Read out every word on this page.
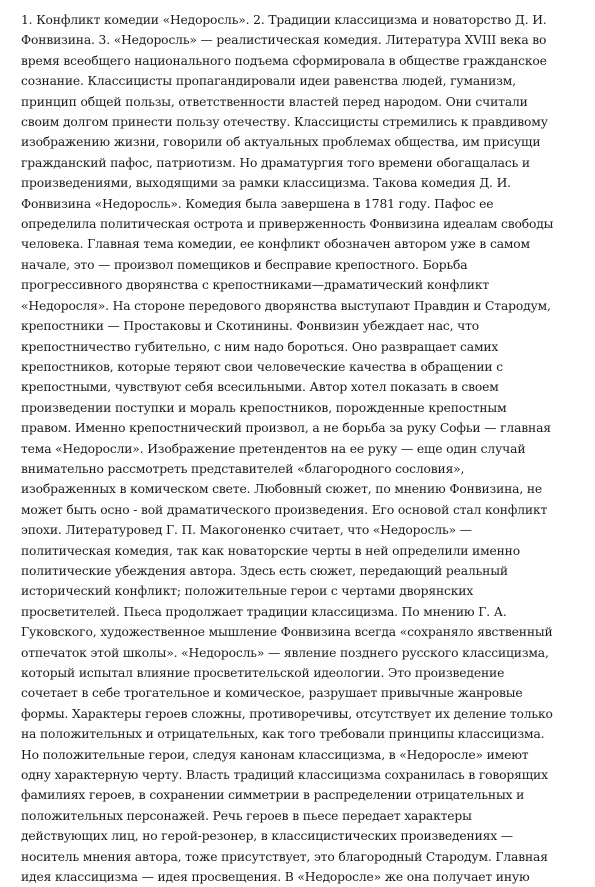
1. Конфликт комедии «Недоросль». 2. Традиции классицизма и новаторство Д. И.
Фонвизина. 3. «Недоросль» — реалистическая комедия. Литература XVIII века во
время всеобщего национального подъема сформировала в обществе гражданское
сознание. Классицисты пропагандировали идеи равенства людей, гуманизм,
принцип общей пользы, ответственности властей перед народом. Они считали
своим долгом принести пользу отечеству. Классицисты стремились к правдивому
изображению жизни, говорили об актуальных проблемах общества, им присущи
гражданский пафос, патриотизм. Но драматургия того времени обогащалась и
произведениями, выходящими за рамки классицизма. Такова комедия Д. И.
Фонвизина «Недоросль». Комедия была завершена в 1781 году. Пафос ее
определила политическая острота и приверженность Фонвизина идеалам свободы
человека. Главная тема комедии, ее конфликт обозначен автором уже в самом
начале, это — произвол помещиков и бесправие крепостного. Борьба
прогрессивного дворянства с крепостниками—драматический конфликт
«Недоросля». На стороне передового дворянства выступают Правдин и Стародум,
крепостники — Простаковы и Скотинины. Фонвизин убеждает нас, что
крепостничество губительно, с ним надо бороться. Оно развращает самих
крепостников, которые теряют свои человеческие качества в обращении с
крепостными, чувствуют себя всесильными. Автор хотел показать в своем
произведении поступки и мораль крепостников, порожденные крепостным
правом. Именно крепостнический произвол, а не борьба за руку Софьи — главная
тема «Недоросли». Изображение претендентов на ее руку — еще один случай
внимательно рассмотреть представителей «благородного сословия»,
изображенных в комическом свете. Любовный сюжет, по мнению Фонвизина, не
может быть осно - вой драматического произведения. Его основой стал конфликт
эпохи. Литературовед Г. П. Макогоненко считает, что «Недоросль» —
политическая комедия, так как новаторские черты в ней определили именно
политические убеждения автора. Здесь есть сюжет, передающий реальный
исторический конфликт; положительные герои с чертами дворянских
просветителей. Пьеса продолжает традиции классицизма. По мнению Г. А.
Гуковского, художественное мышление Фонвизина всегда «сохраняло явственный
отпечаток этой школы». «Недоросль» — явление позднего русского классицизма,
который испытал влияние просветительской идеологии. Это произведение
сочетает в себе трогательное и комическое, разрушает привычные жанровые
формы. Характеры героев сложны, противоречивы, отсутствует их деление только
на положительных и отрицательных, как того требовали принципы классицизма.
Но положительные герои, следуя канонам классицизма, в «Недоросле» имеют
одну характерную черту. Власть традиций классицизма сохранилась в говорящих
фамилиях героев, в сохранении симметрии в распределении отрицательных и
положительных персонажей. Речь героев в пьесе передает характеры
действующих лиц, но герой-резонер, в классицистических произведениях —
носитель мнения автора, тоже присутствует, это благородный Стародум. Главная
идея классицизма — идея просвещения. В «Недоросле» же она получает иную
